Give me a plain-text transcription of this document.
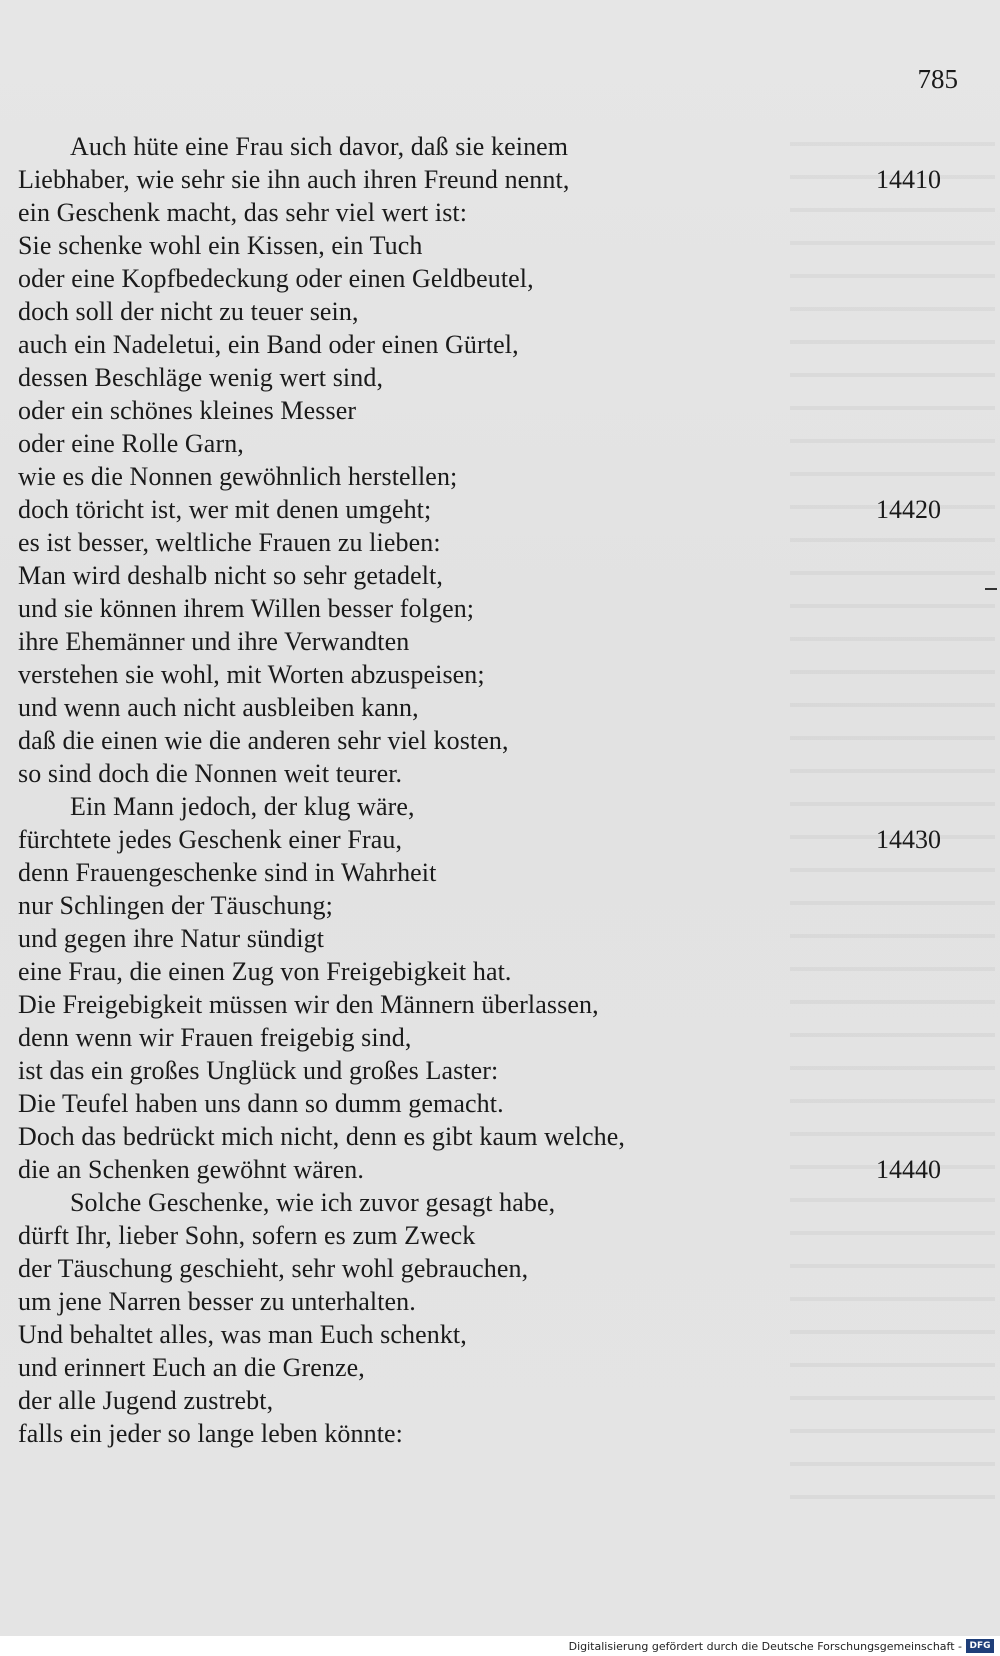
785
Auch hüte eine Frau sich davor, daß sie keinem
Liebhaber, wie sehr sie ihn auch ihren Freund nennt,
ein Geschenk macht, das sehr viel wert ist:
Sie schenke wohl ein Kissen, ein Tuch
oder eine Kopfbedeckung oder einen Geldbeutel,
doch soll der nicht zu teuer sein,
auch ein Nadeletui, ein Band oder einen Gürtel,
dessen Beschläge wenig wert sind,
oder ein schönes kleines Messer
oder eine Rolle Garn,
wie es die Nonnen gewöhnlich herstellen;
doch töricht ist, wer mit denen umgeht;
es ist besser, weltliche Frauen zu lieben:
Man wird deshalb nicht so sehr getadelt,
und sie können ihrem Willen besser folgen;
ihre Ehemänner und ihre Verwandten
verstehen sie wohl, mit Worten abzuspeisen;
und wenn auch nicht ausbleiben kann,
daß die einen wie die anderen sehr viel kosten,
so sind doch die Nonnen weit teurer.
Ein Mann jedoch, der klug wäre,
fürchtete jedes Geschenk einer Frau,
denn Frauengeschenke sind in Wahrheit
nur Schlingen der Täuschung;
und gegen ihre Natur sündigt
eine Frau, die einen Zug von Freigebigkeit hat.
Die Freigebigkeit müssen wir den Männern überlassen,
denn wenn wir Frauen freigebig sind,
ist das ein großes Unglück und großes Laster:
Die Teufel haben uns dann so dumm gemacht.
Doch das bedrückt mich nicht, denn es gibt kaum welche,
die an Schenken gewöhnt wären.
Solche Geschenke, wie ich zuvor gesagt habe,
dürft Ihr, lieber Sohn, sofern es zum Zweck
der Täuschung geschieht, sehr wohl gebrauchen,
um jene Narren besser zu unterhalten.
Und behaltet alles, was man Euch schenkt,
und erinnert Euch an die Grenze,
der alle Jugend zustrebt,
falls ein jeder so lange leben könnte:
14410
14420
14430
14440
Digitalisierung gefördert durch die Deutsche Forschungsgemeinschaft - DFG
